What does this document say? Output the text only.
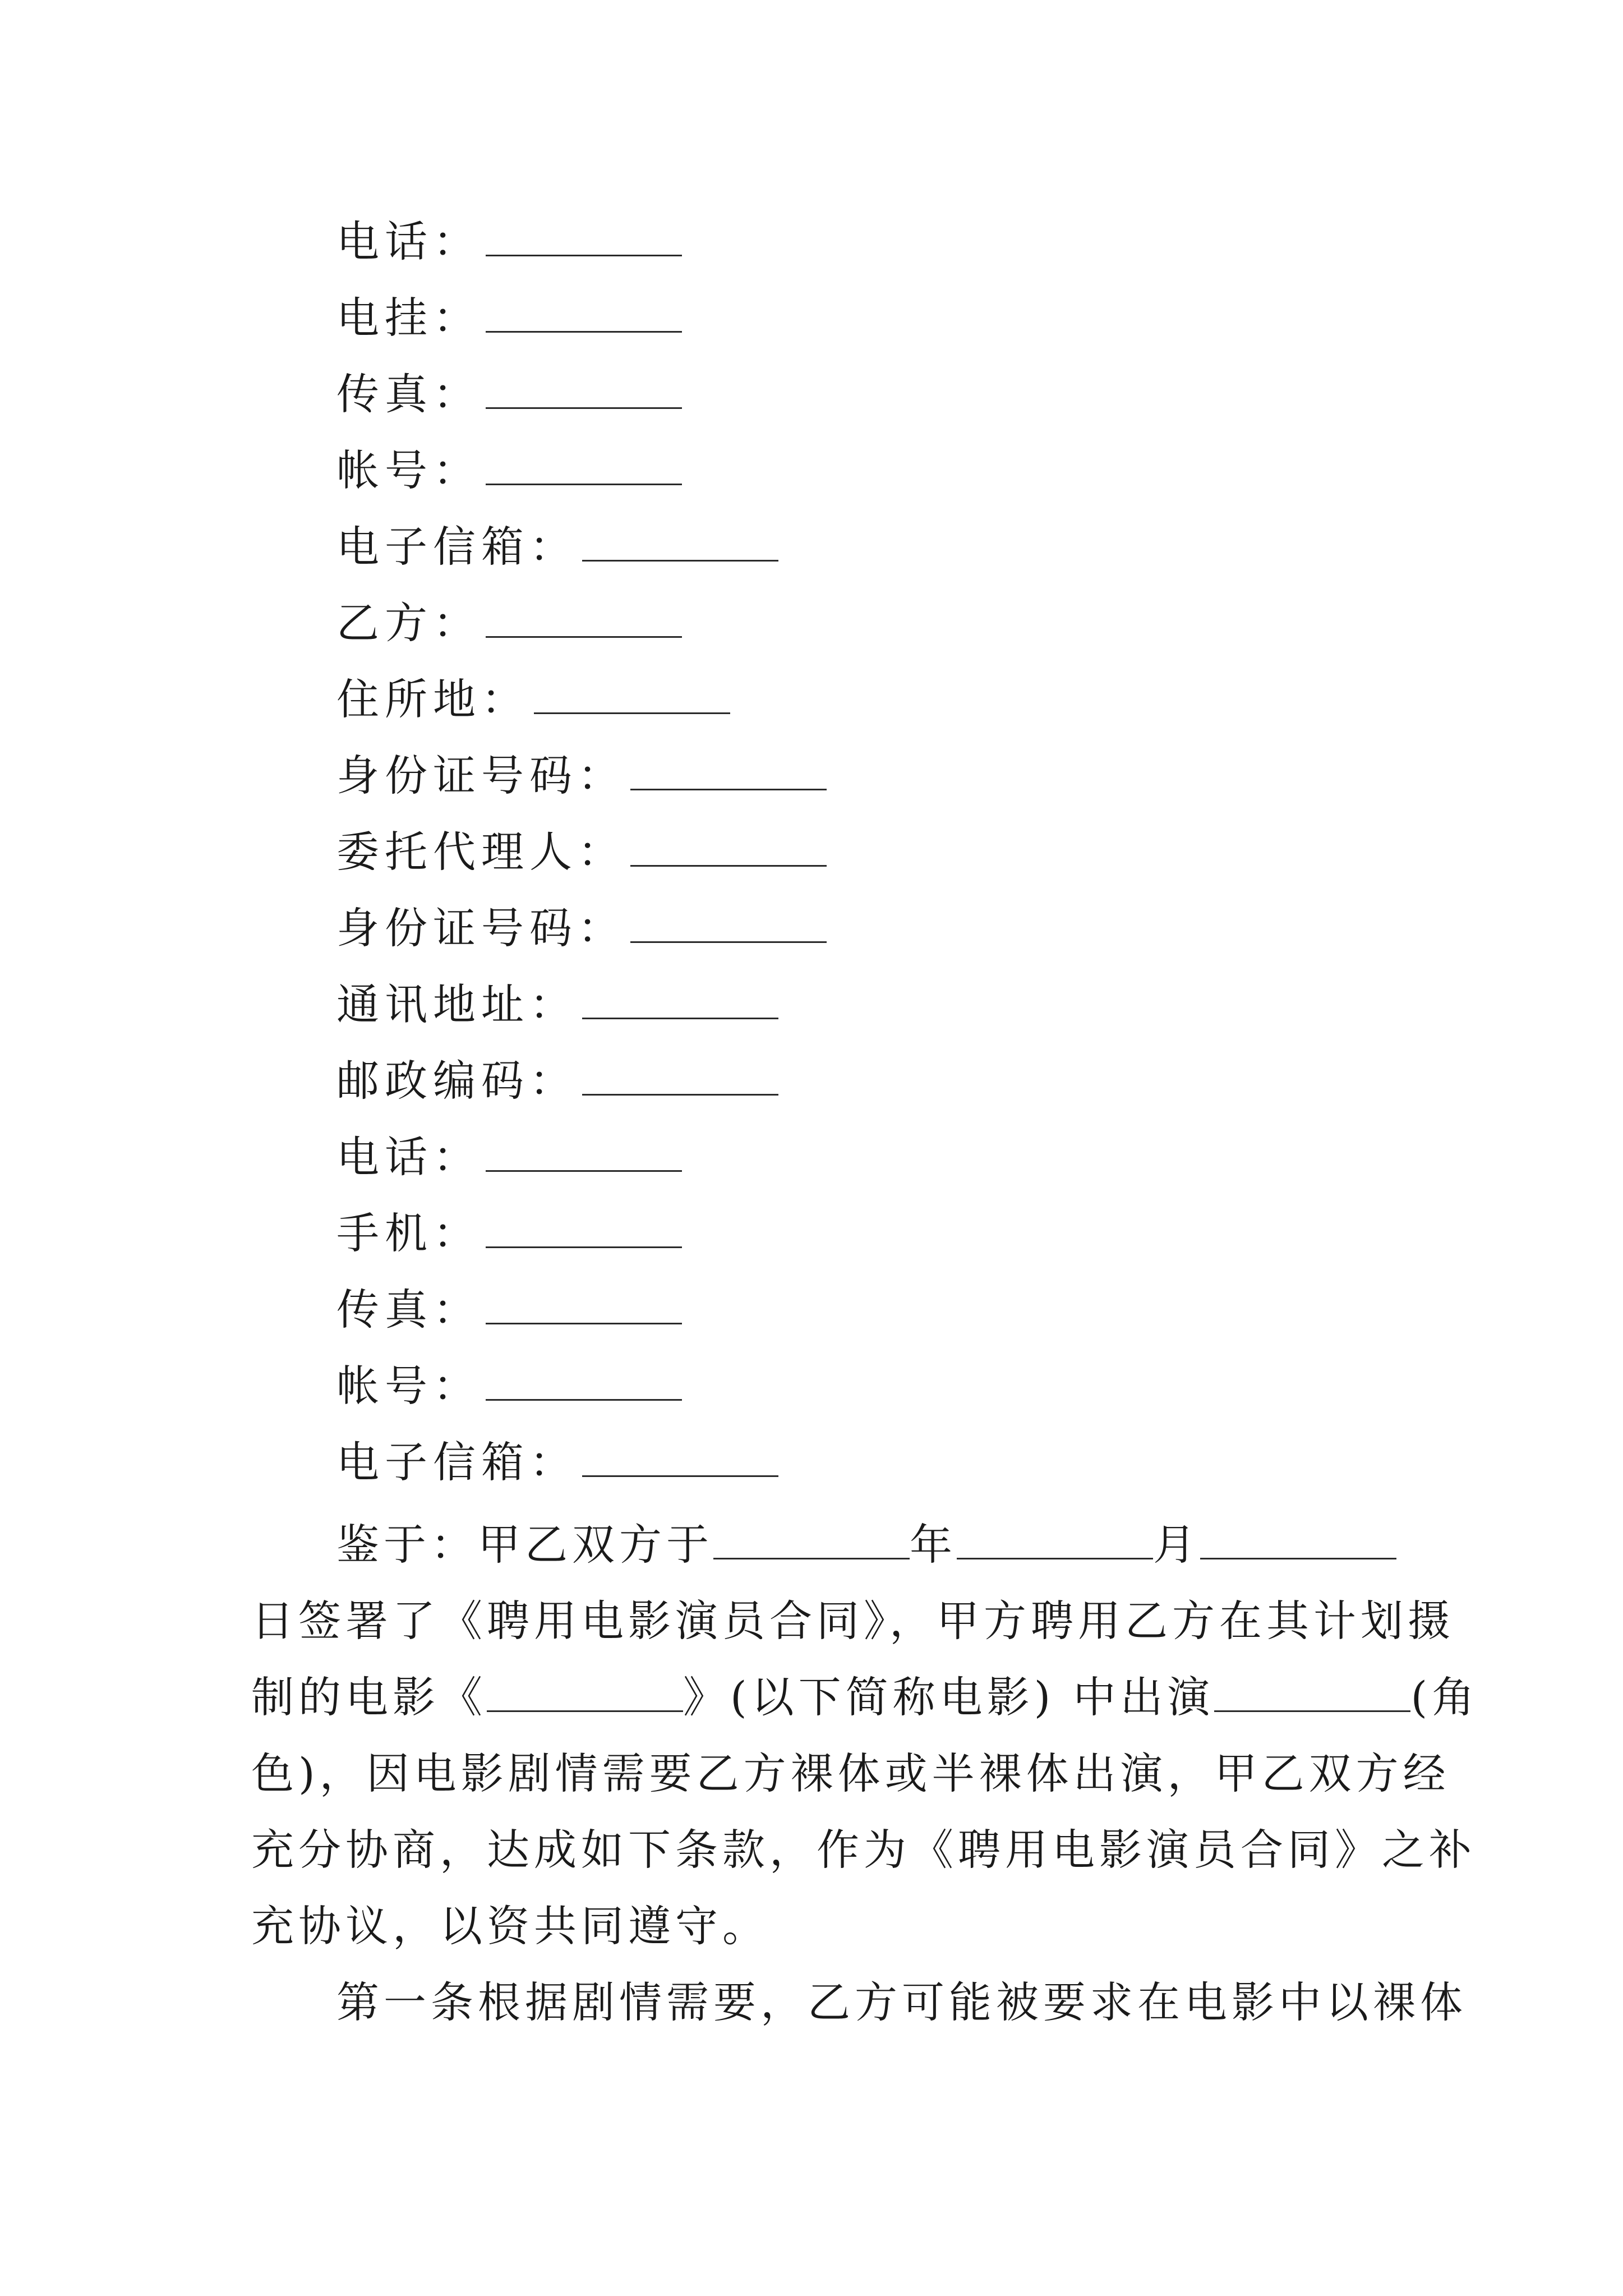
电话：
电挂：
传真：
帐号：
电子信箱：
乙方：
住所地：
身份证号码：
委托代理人：
身份证号码：
通讯地址：
邮政编码：
电话：
手机：
传真：
帐号：
电子信箱：
鉴于：甲乙双方于	年	月
日签署了《聘用电影演员合同》，甲方聘用乙方在其计划摄
制的电影《	》(以下简称电影) 中出演	(角
色)，因电影剧情需要乙方裸体或半裸体出演，甲乙双方经
充分协商，达成如下条款，作为《聘用电影演员合同》之补
充协议，以资共同遵守。
第一条根据剧情需要，乙方可能被要求在电影中以裸体
